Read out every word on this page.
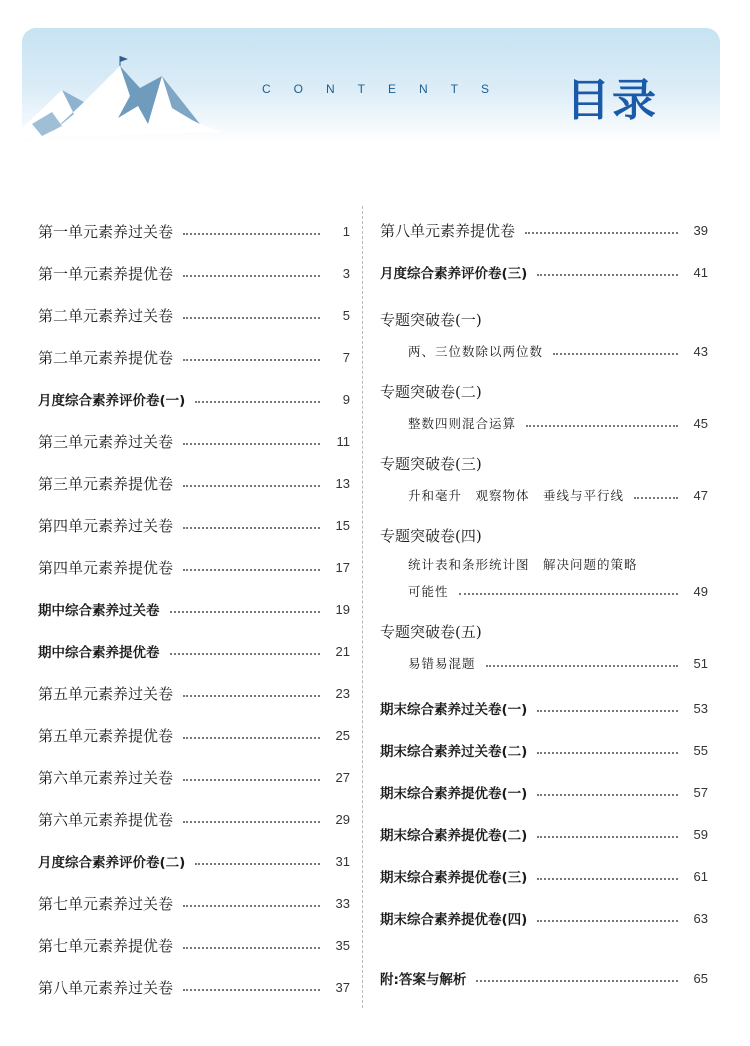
CONTENTS 目录
第一单元素养过关卷	1
第一单元素养提优卷	3
第二单元素养过关卷	5
第二单元素养提优卷	7
月度综合素养评价卷(一)	9
第三单元素养过关卷	11
第三单元素养提优卷	13
第四单元素养过关卷	15
第四单元素养提优卷	17
期中综合素养过关卷	19
期中综合素养提优卷	21
第五单元素养过关卷	23
第五单元素养提优卷	25
第六单元素养过关卷	27
第六单元素养提优卷	29
月度综合素养评价卷(二)	31
第七单元素养过关卷	33
第七单元素养提优卷	35
第八单元素养过关卷	37
第八单元素养提优卷	39
月度综合素养评价卷(三)	41
专题突破卷(一)
两、三位数除以两位数	43
专题突破卷(二)
整数四则混合运算	45
专题突破卷(三)
升和毫升　观察物体　垂线与平行线	47
专题突破卷(四)
统计表和条形统计图　解决问题的策略
可能性	49
专题突破卷(五)
易错易混题	51
期末综合素养过关卷(一)	53
期末综合素养过关卷(二)	55
期末综合素养提优卷(一)	57
期末综合素养提优卷(二)	59
期末综合素养提优卷(三)	61
期末综合素养提优卷(四)	63
附:答案与解析	65
